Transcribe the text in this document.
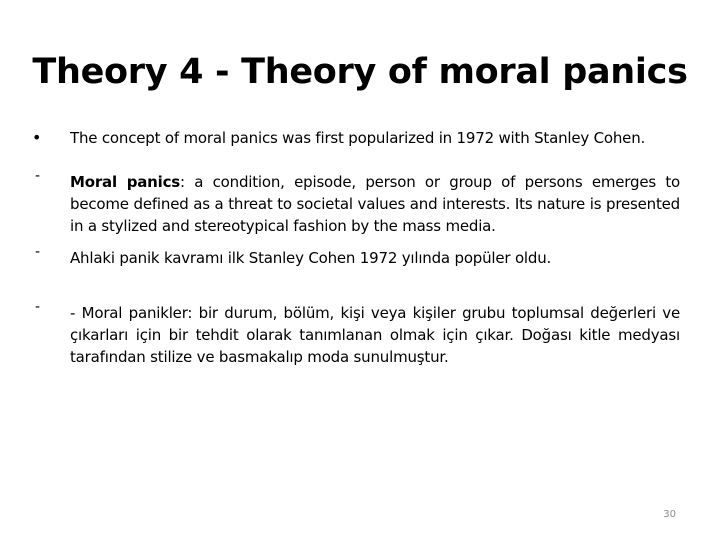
Theory 4 - Theory of moral panics
• The concept of moral panics was first popularized in 1972 with Stanley Cohen.
- Moral panics: a condition, episode, person or group of persons emerges to become defined as a threat to societal values and interests. Its nature is presented in a stylized and stereotypical fashion by the mass media.
- Ahlaki panik kavramı ilk Stanley Cohen 1972 yılında popüler oldu.
- - Moral panikler: bir durum, bölüm, kişi veya kişiler grubu toplumsal değerleri ve çıkarları için bir tehdit olarak tanımlanan olmak için çıkar. Doğası kitle medyası tarafından stilize ve basmakalıp moda sunulmuştur.
30
